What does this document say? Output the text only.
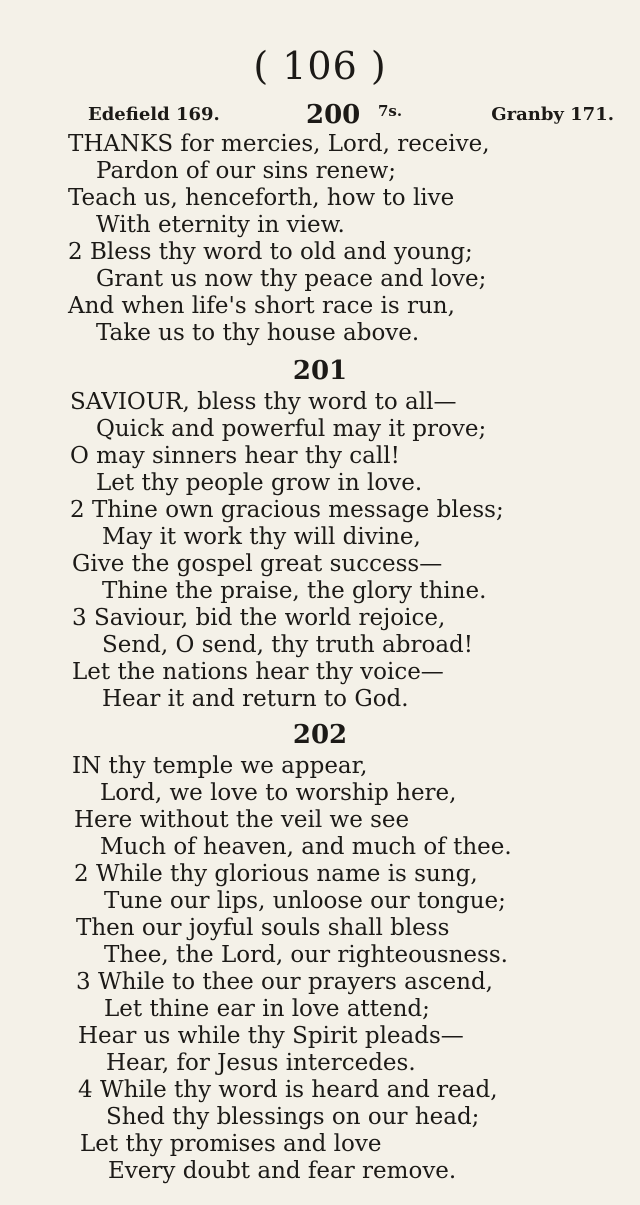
( 106 )
Edefield 169.	200 7s.	Granby 171.
THANKS for mercies, Lord, receive,
Pardon of our sins renew;
Teach us, henceforth, how to live
With eternity in view.
2 Bless thy word to old and young;
Grant us now thy peace and love;
And when life's short race is run,
Take us to thy house above.
201
SAVIOUR, bless thy word to all—
Quick and powerful may it prove;
O may sinners hear thy call!
Let thy people grow in love.
2 Thine own gracious message bless;
May it work thy will divine,
Give the gospel great success—
Thine the praise, the glory thine.
3 Saviour, bid the world rejoice,
Send, O send, thy truth abroad!
Let the nations hear thy voice—
Hear it and return to God.
202
IN thy temple we appear,
Lord, we love to worship here,
Here without the veil we see
Much of heaven, and much of thee.
2 While thy glorious name is sung,
Tune our lips, unloose our tongue;
Then our joyful souls shall bless
Thee, the Lord, our righteousness.
3 While to thee our prayers ascend,
Let thine ear in love attend;
Hear us while thy Spirit pleads—
Hear, for Jesus intercedes.
4 While thy word is heard and read,
Shed thy blessings on our head;
Let thy promises and love
Every doubt and fear remove.
